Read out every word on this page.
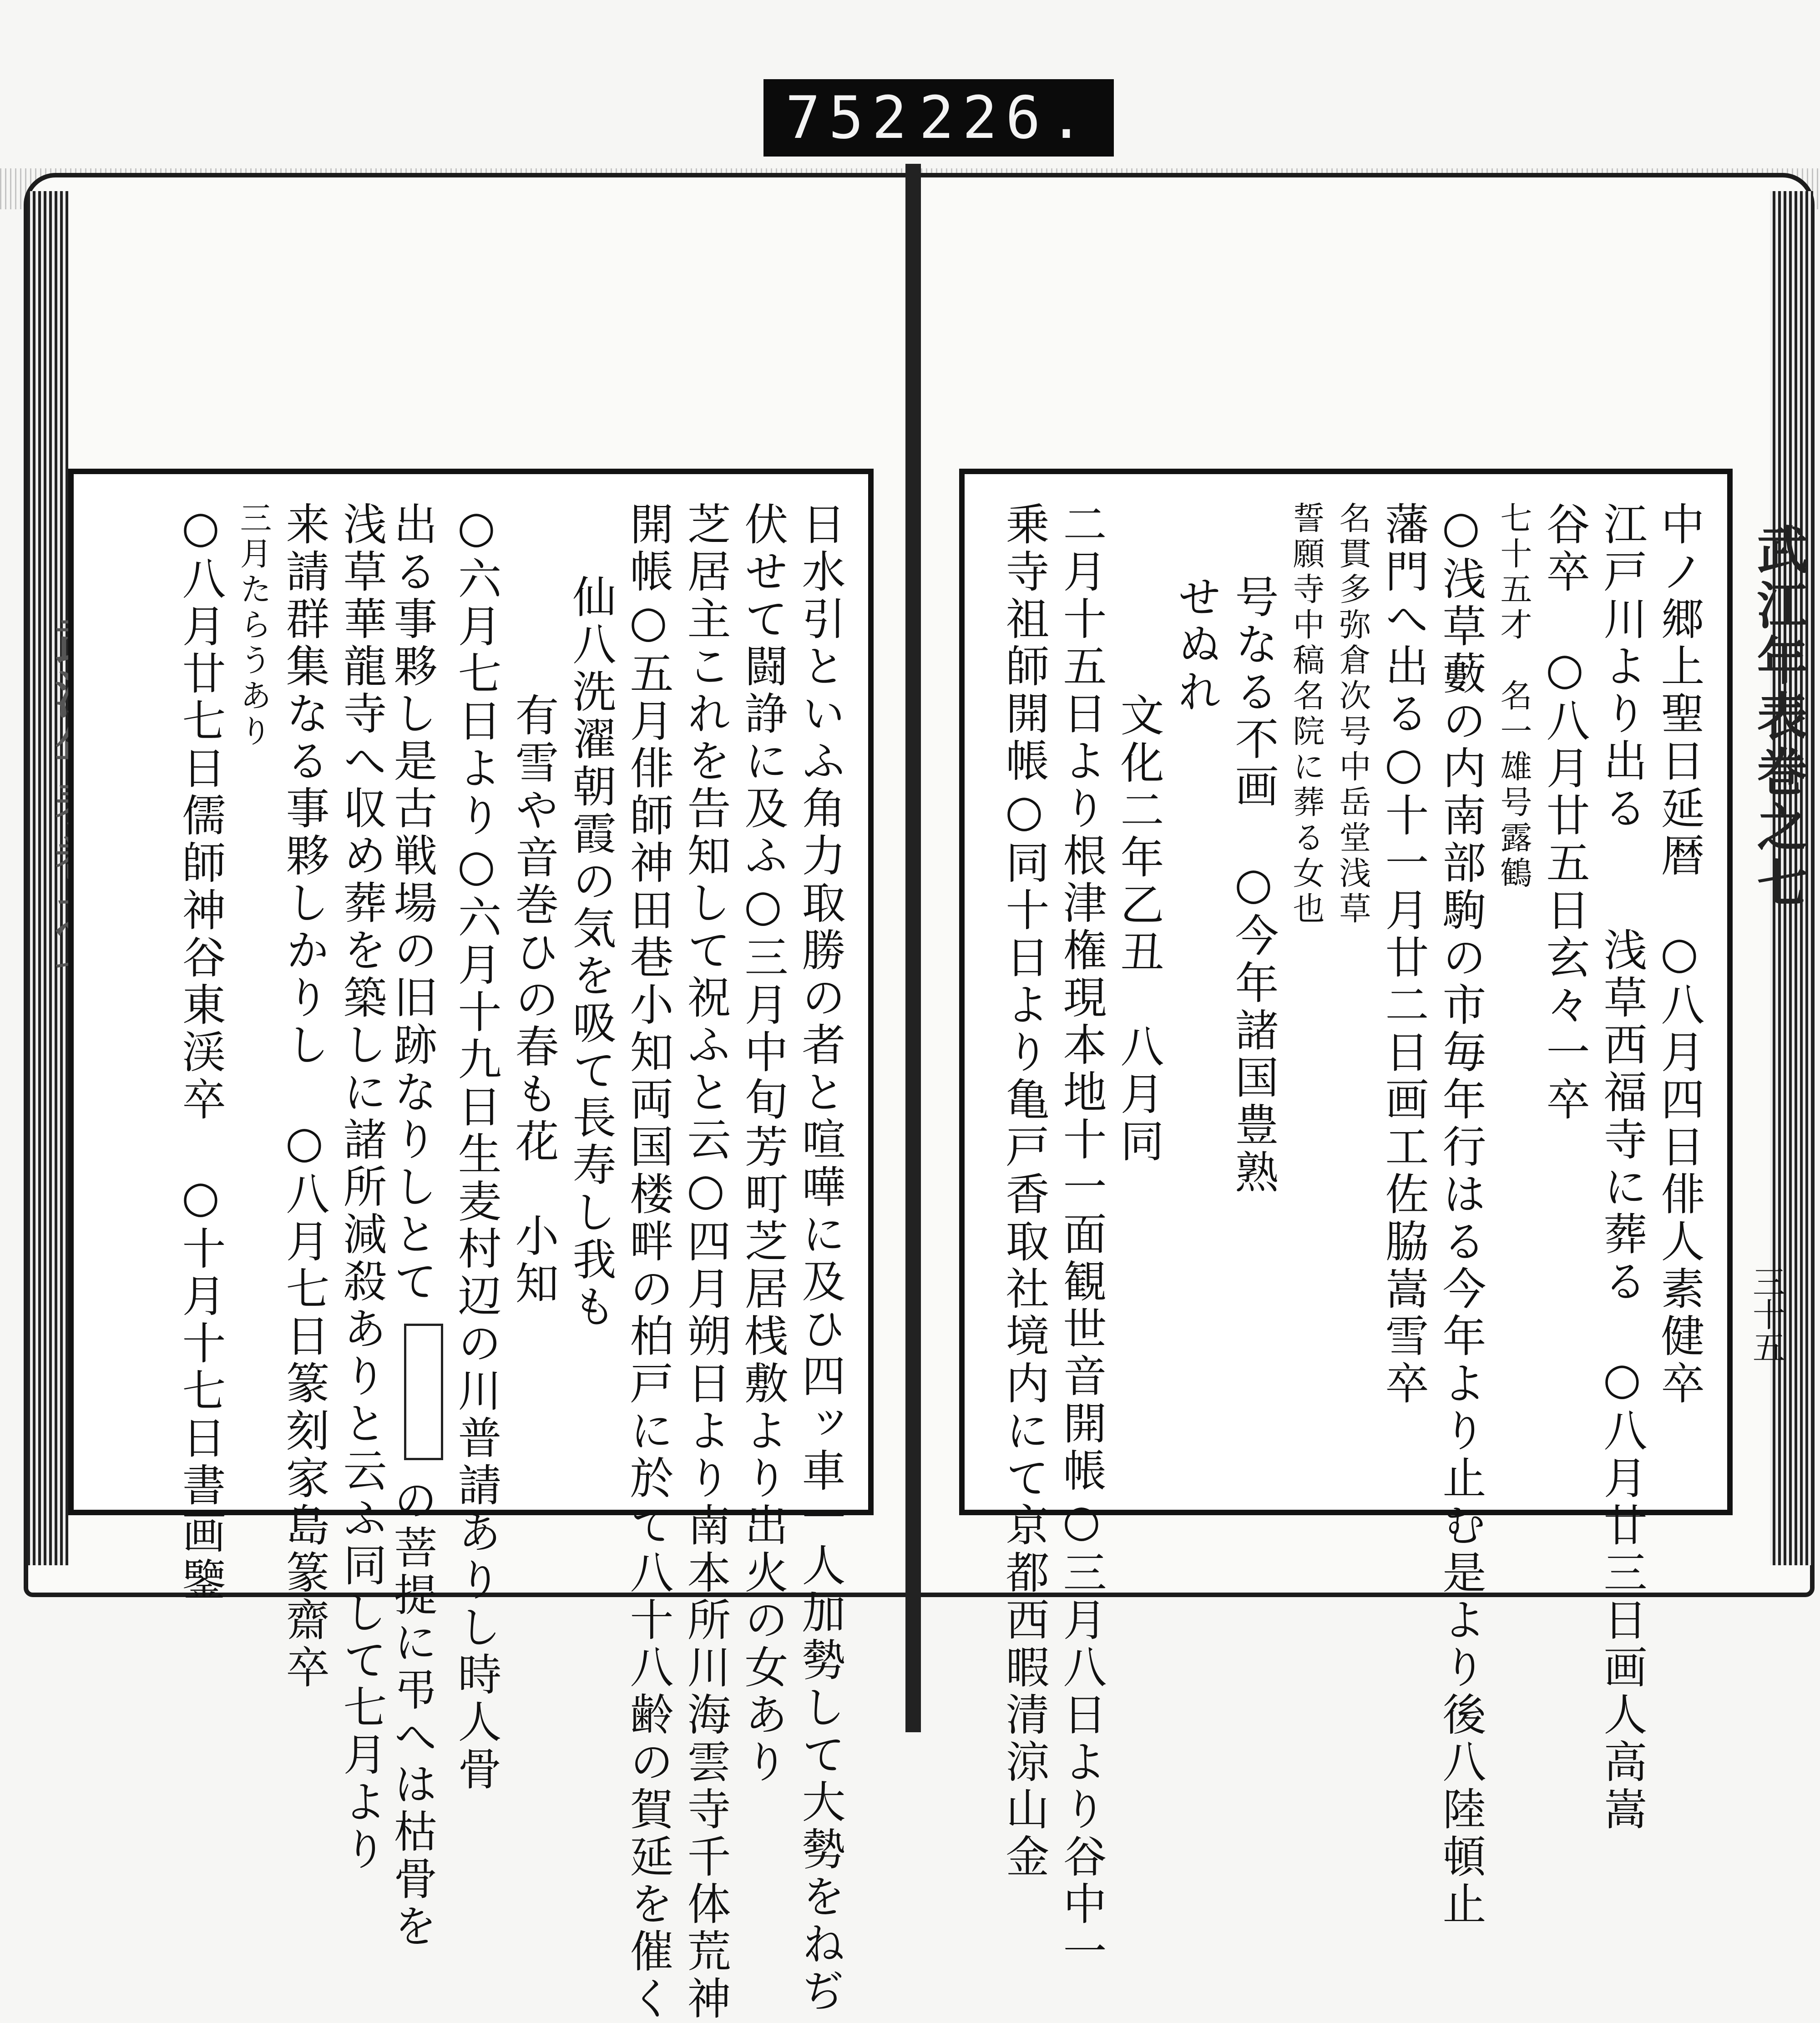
752 226.
武江年表巻之七
三十五
日水引といふ角力取勝の者と喧嘩に及ひ四ッ車一人加勢して大勢をねぢ
伏せて闘諍に及ふ○三月中旬芳町芝居桟敷より出火の女あり
芝居主これを告知して祝ふと云○四月朔日より南本所川海雲寺千体荒神
開帳○五月俳師神田巷小知両国楼畔の柏戸に於て八十八齢の賀延を催く
仙八洗濯朝霞の気を吸て長寿し我も
有雪や音巻ひの春も花　小知
○六月七日より○六月十九日生麦村辺の川普請ありし時人骨
出る事夥し是古戦場の旧跡なりしとて  の菩提に弔へは枯骨を
浅草華龍寺へ収め葬を築しに諸所減殺ありと云ふ同して七月より
来請群集なる事夥しかりし　○八月七日篆刻家島篆齋卒
三月たらうあり
○八月廿七日儒師神谷東渓卒　○十月十七日書画鑒	中ノ郷上聖日延暦　○八月四日俳人素健卒
江戸川より出る　　浅草西福寺に葬る　○八月廿三日画人高嵩
谷卒　○八月廿五日玄々一卒
七十五才　名一雄号露鶴
○浅草藪の内南部駒の市毎年行はる今年より止む是より後八陸頓止
藩門へ出る○十一月廿二日画工佐脇嵩雪卒
名貫多弥倉次号中岳堂浅草
誓願寺中稿名院に葬る女也
号なる不画　○今年諸国豊熟
せぬれ
文化二年乙丑　八月同
二月十五日より根津権現本地十一面観世音開帳○三月八日より谷中一
乗寺祖師開帳○同十日より亀戸香取社境内にて京都西暇清涼山金
